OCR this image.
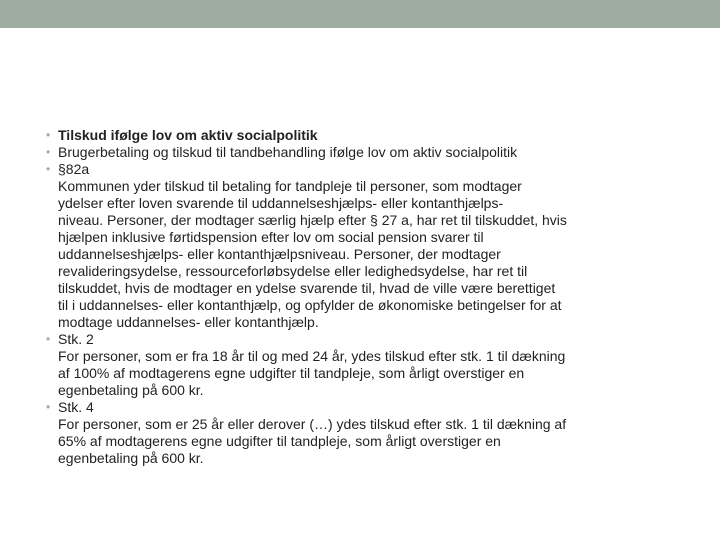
• Tilskud ifølge lov om aktiv socialpolitik
• Brugerbetaling og tilskud til tandbehandling ifølge lov om aktiv socialpolitik
• §82a
Kommunen yder tilskud til betaling for tandpleje til personer, som modtager
ydelser efter loven svarende til uddannelseshjælps- eller kontanthjælps-
niveau. Personer, der modtager særlig hjælp efter § 27 a, har ret til tilskuddet, hvis
hjælpen inklusive førtidspension efter lov om social pension svarer til
uddannelseshjælps- eller kontanthjælpsniveau. Personer, der modtager
revalideringsydelse, ressourceforløbsydelse eller ledighedsydelse, har ret til
tilskuddet, hvis de modtager en ydelse svarende til, hvad de ville være berettiget
til i uddannelses- eller kontanthjælp, og opfylder de økonomiske betingelser for at
modtage uddannelses- eller kontanthjælp.
• Stk. 2
For personer, som er fra 18 år til og med 24 år, ydes tilskud efter stk. 1 til dækning
af 100% af modtagerens egne udgifter til tandpleje, som årligt overstiger en
egenbetaling på 600 kr.
• Stk. 4
For personer, som er 25 år eller derover (…) ydes tilskud efter stk. 1 til dækning af
65% af modtagerens egne udgifter til tandpleje, som årligt overstiger en
egenbetaling på 600 kr.
